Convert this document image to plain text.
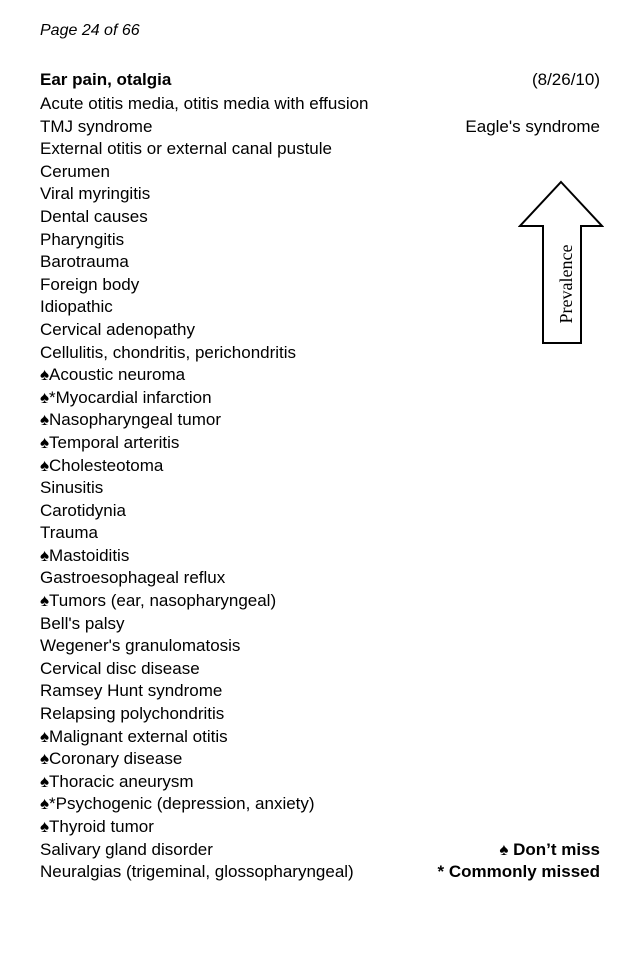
Page 24 of 66
Ear pain, otalgia	(8/26/10)
Acute otitis media, otitis media with effusion
TMJ syndrome	Eagle's syndrome
External otitis or external canal pustule
Cerumen
Viral myringitis
Dental causes
Pharyngitis
Barotrauma
Foreign body
Idiopathic
Cervical adenopathy
Cellulitis, chondritis, perichondritis
♠Acoustic neuroma
♠*Myocardial infarction
♠Nasopharyngeal tumor
♠Temporal arteritis
♠Cholesteotoma
Sinusitis
Carotidynia
Trauma
♠Mastoiditis
Gastroesophageal reflux
♠Tumors (ear, nasopharyngeal)
Bell's palsy
Wegener's granulomatosis
Cervical disc disease
Ramsey Hunt syndrome
Relapsing polychondritis
♠Malignant external otitis
♠Coronary disease
♠Thoracic aneurysm
♠*Psychogenic (depression, anxiety)
♠Thyroid tumor
Salivary gland disorder	♠ Don’t miss
Neuralgias (trigeminal, glossopharyngeal)	* Commonly missed
Prevalence
